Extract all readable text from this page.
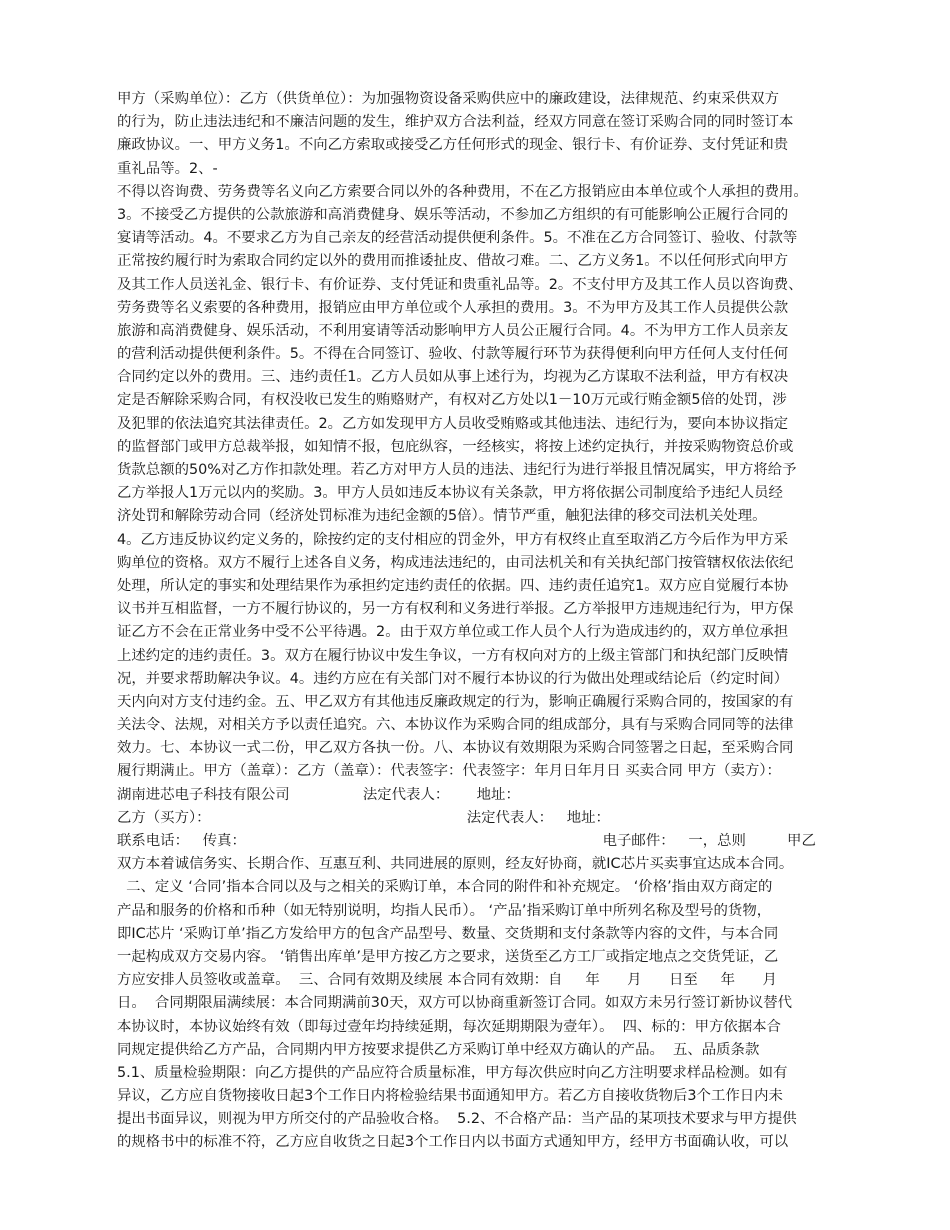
甲方（采购单位）：乙方（供货单位）：为加强物资设备采购供应中的廉政建设，法律规范、约束采供双方
的行为，防止违法违纪和不廉洁问题的发生，维护双方合法利益，经双方同意在签订采购合同的同时签订本
廉政协议。一、甲方义务1。不向乙方索取或接受乙方任何形式的现金、银行卡、有价证券、支付凭证和贵
重礼品等。2、-
不得以咨询费、劳务费等名义向乙方索要合同以外的各种费用，不在乙方报销应由本单位或个人承担的费用。
3。不接受乙方提供的公款旅游和高消费健身、娱乐等活动，不参加乙方组织的有可能影响公正履行合同的
宴请等活动。4。不要求乙方为自己亲友的经营活动提供便利条件。5。不准在乙方合同签订、验收、付款等
正常按约履行时为索取合同约定以外的费用而推诿扯皮、借故刁难。二、乙方义务1。不以任何形式向甲方
及其工作人员送礼金、银行卡、有价证券、支付凭证和贵重礼品等。2。不支付甲方及其工作人员以咨询费、
劳务费等名义索要的各种费用，报销应由甲方单位或个人承担的费用。3。不为甲方及其工作人员提供公款
旅游和高消费健身、娱乐活动，不利用宴请等活动影响甲方人员公正履行合同。4。不为甲方工作人员亲友
的营利活动提供便利条件。5。不得在合同签订、验收、付款等履行环节为获得便利向甲方任何人支付任何
合同约定以外的费用。三、违约责任1。乙方人员如从事上述行为，均视为乙方谋取不法利益，甲方有权决
定是否解除采购合同，有权没收已发生的贿赂财产，有权对乙方处以1－10万元或行贿金额5倍的处罚，涉
及犯罪的依法追究其法律责任。2。乙方如发现甲方人员收受贿赂或其他违法、违纪行为，要向本协议指定
的监督部门或甲方总裁举报，如知情不报，包庇纵容，一经核实，将按上述约定执行，并按采购物资总价或
货款总额的50%对乙方作扣款处理。若乙方对甲方人员的违法、违纪行为进行举报且情况属实，甲方将给予
乙方举报人1万元以内的奖励。3。甲方人员如违反本协议有关条款，甲方将依据公司制度给予违纪人员经
济处罚和解除劳动合同（经济处罚标准为违纪金额的5倍）。情节严重，触犯法律的移交司法机关处理。
4。乙方违反协议约定义务的，除按约定的支付相应的罚金外，甲方有权终止直至取消乙方今后作为甲方采
购单位的资格。双方不履行上述各自义务，构成违法违纪的，由司法机关和有关执纪部门按管辖权依法依纪
处理，所认定的事实和处理结果作为承担约定违约责任的依据。四、违约责任追究1。双方应自觉履行本协
议书并互相监督，一方不履行协议的，另一方有权利和义务进行举报。乙方举报甲方违规违纪行为，甲方保
证乙方不会在正常业务中受不公平待遇。2。由于双方单位或工作人员个人行为造成违约的，双方单位承担
上述约定的违约责任。3。双方在履行协议中发生争议，一方有权向对方的上级主管部门和执纪部门反映情
况，并要求帮助解决争议。4。违约方应在有关部门对不履行本协议的行为做出处理或结论后（约定时间）
天内向对方支付违约金。五、甲乙双方有其他违反廉政规定的行为，影响正确履行采购合同的，按国家的有
关法令、法规，对相关方予以责任追究。六、本协议作为采购合同的组成部分，具有与采购合同同等的法律
效力。七、本协议一式二份，甲乙双方各执一份。八、本协议有效期限为采购合同签署之日起，至采购合同
履行期满止。甲方（盖章）：乙方（盖章）：代表签字：代表签字：年月日年月日 买卖合同 甲方（卖方）：
湖南进芯电子科技有限公司                法定代表人：      地址：
乙方（买方）：                                                        法定代表人：   地址：
联系电话：   传真：                                                                              电子邮件：   一，总则         甲乙
双方本着诚信务实、长期合作、互惠互利、共同进展的原则，经友好协商，就IC芯片买卖事宜达成本合同。
二、定义 ‘合同’指本合同以及与之相关的采购订单，本合同的附件和补充规定。 ‘价格’指由双方商定的
产品和服务的价格和币种（如无特别说明，均指人民币）。 ‘产品’指采购订单中所列名称及型号的货物，
即IC芯片 ‘采购订单’指乙方发给甲方的包含产品型号、数量、交货期和支付条款等内容的文件，与本合同
一起构成双方交易内容。 ‘销售出库单’是甲方按乙方之要求，送货至乙方工厂或指定地点之交货凭证，乙
方应安排人员签收或盖章。  三、合同有效期及续展 本合同有效期：自     年      月      日至     年      月
日。  合同期限届满续展：本合同期满前30天，双方可以协商重新签订合同。如双方未另行签订新协议替代
本协议时，本协议始终有效（即每过壹年均持续延期，每次延期期限为壹年）。  四、标的：甲方依据本合
同规定提供给乙方产品，合同期内甲方按要求提供乙方采购订单中经双方确认的产品。  五、品质条款
5.1、质量检验期限：向乙方提供的产品应符合质量标准，甲方每次供应时向乙方注明要求样品检测。如有
异议，乙方应自货物接收日起3个工作日内将检验结果书面通知甲方。若乙方自接收货物后3个工作日内未
提出书面异议，则视为甲方所交付的产品验收合格。  5.2、不合格产品：当产品的某项技术要求与甲方提供
的规格书中的标准不符，乙方应自收货之日起3个工作日内以书面方式通知甲方，经甲方书面确认收，可以
